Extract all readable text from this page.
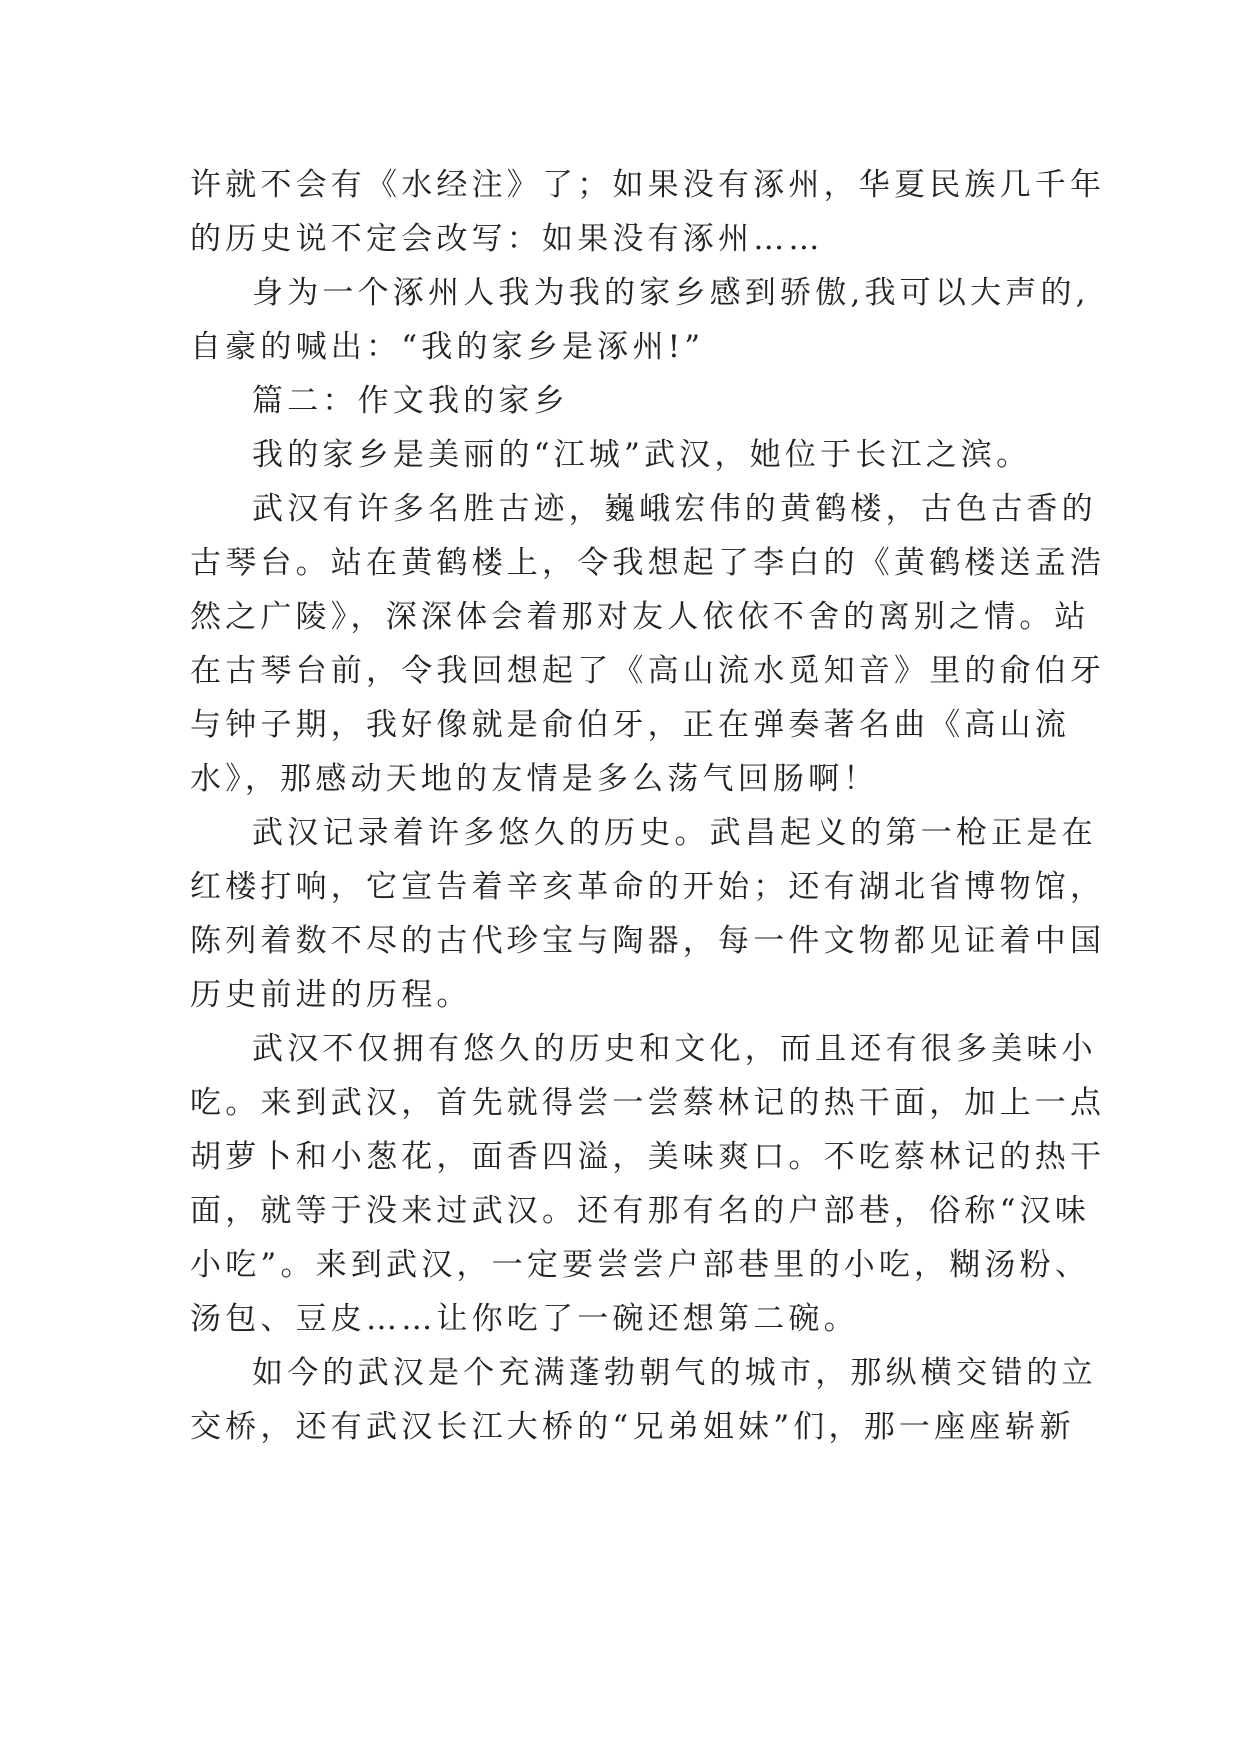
许就不会有《水经注》了；如果没有涿州，华夏民族几千年
的历史说不定会改写：如果没有涿州……
身为一个涿州人我为我的家乡感到骄傲,我可以大声的,
自豪的喊出：“我的家乡是涿州!”
篇二：作文我的家乡
我的家乡是美丽的“江城”武汉，她位于长江之滨。
武汉有许多名胜古迹，巍峨宏伟的黄鹤楼，古色古香的
古琴台。站在黄鹤楼上，令我想起了李白的《黄鹤楼送孟浩
然之广陵》，深深体会着那对友人依依不舍的离别之情。站
在古琴台前，令我回想起了《高山流水觅知音》里的俞伯牙
与钟子期，我好像就是俞伯牙，正在弹奏著名曲《高山流
水》，那感动天地的友情是多么荡气回肠啊！
武汉记录着许多悠久的历史。武昌起义的第一枪正是在
红楼打响，它宣告着辛亥革命的开始；还有湖北省博物馆，
陈列着数不尽的古代珍宝与陶器，每一件文物都见证着中国
历史前进的历程。
武汉不仅拥有悠久的历史和文化，而且还有很多美味小
吃。来到武汉，首先就得尝一尝蔡林记的热干面，加上一点
胡萝卜和小葱花，面香四溢，美味爽口。不吃蔡林记的热干
面，就等于没来过武汉。还有那有名的户部巷，俗称“汉味
小吃”。来到武汉，一定要尝尝户部巷里的小吃，糊汤粉、
汤包、豆皮……让你吃了一碗还想第二碗。
如今的武汉是个充满蓬勃朝气的城市，那纵横交错的立
交桥，还有武汉长江大桥的“兄弟姐妹”们，那一座座崭新
